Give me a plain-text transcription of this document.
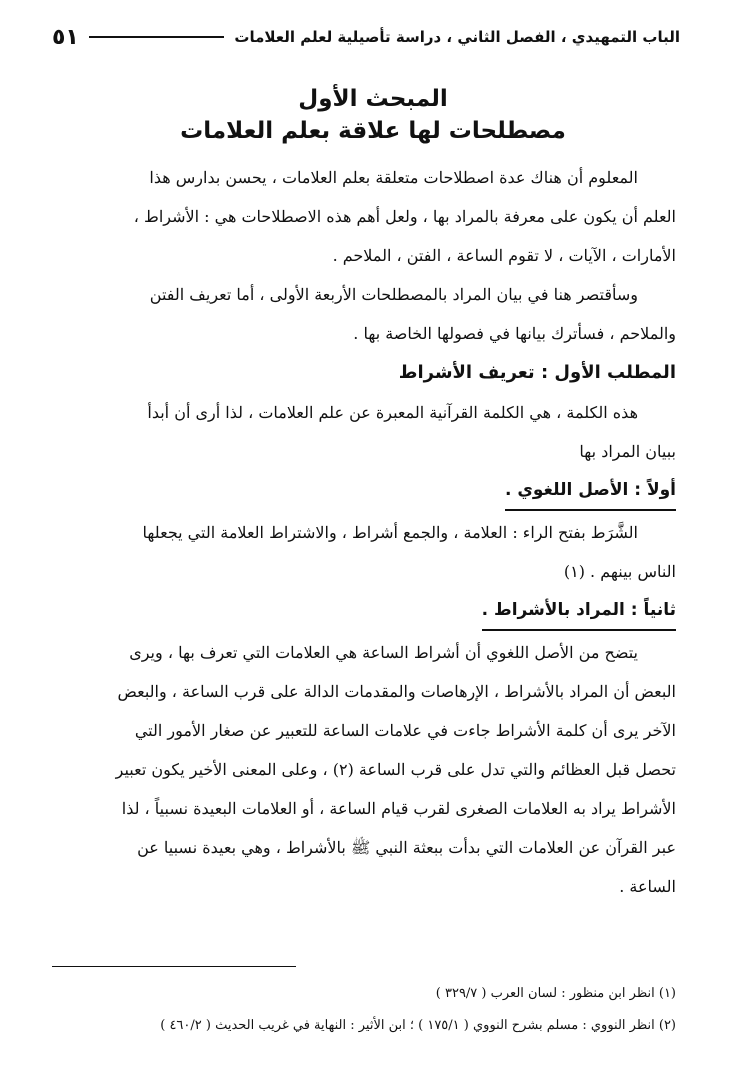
الباب التمهيدي ، الفصل الثاني ، دراسة تأصيلية لعلم العلامات
٥١
المبحث الأول
مصطلحات لها علاقة بعلم العلامات

المعلوم أن هناك عدة اصطلاحات متعلقة بعلم العلامات ، يحسن بدارس هذا
العلم أن يكون على معرفة بالمراد بها ، ولعل أهم هذه الاصطلاحات هي : الأشراط ،
الأمارات ، الآيات ، لا تقوم الساعة ، الفتن ، الملاحم .

وسأقتصر هنا في بيان المراد بالمصطلحات الأربعة الأولى ، أما تعريف الفتن
والملاحم ، فسأترك بيانها في فصولها الخاصة بها .

المطلب الأول : تعريف الأشراط

هذه الكلمة ، هي الكلمة القرآنية المعبرة عن علم العلامات ، لذا أرى أن أبدأ
ببيان المراد بها

أولاً : الأصل اللغوي .

الشَّرَط بفتح الراء : العلامة ، والجمع أشراط ، والاشتراط العلامة التي يجعلها
الناس بينهم . (١)

ثانياً : المراد بالأشراط .

يتضح من الأصل اللغوي أن أشراط الساعة هي العلامات التي تعرف بها ، ويرى
البعض أن المراد بالأشراط ، الإرهاصات والمقدمات الدالة على قرب الساعة ، والبعض
الآخر يرى أن كلمة الأشراط جاءت في علامات الساعة للتعبير عن صغار الأمور التي
تحصل قبل العظائم والتي تدل على قرب الساعة (٢) ، وعلى المعنى الأخير يكون تعبير
الأشراط يراد به العلامات الصغرى لقرب قيام الساعة ، أو العلامات البعيدة نسبياً ، لذا
عبر القرآن عن العلامات التي بدأت ببعثة النبي ﷺ بالأشراط ، وهي بعيدة نسبيا عن
الساعة .

(١) انظر ابن منظور : لسان العرب ( ٣٢٩/٧ )
(٢) انظر النووي : مسلم بشرح النووي ( ١٧٥/١ ) ؛ ابن الأثير : النهاية في غريب الحديث ( ٤٦٠/٢ )
